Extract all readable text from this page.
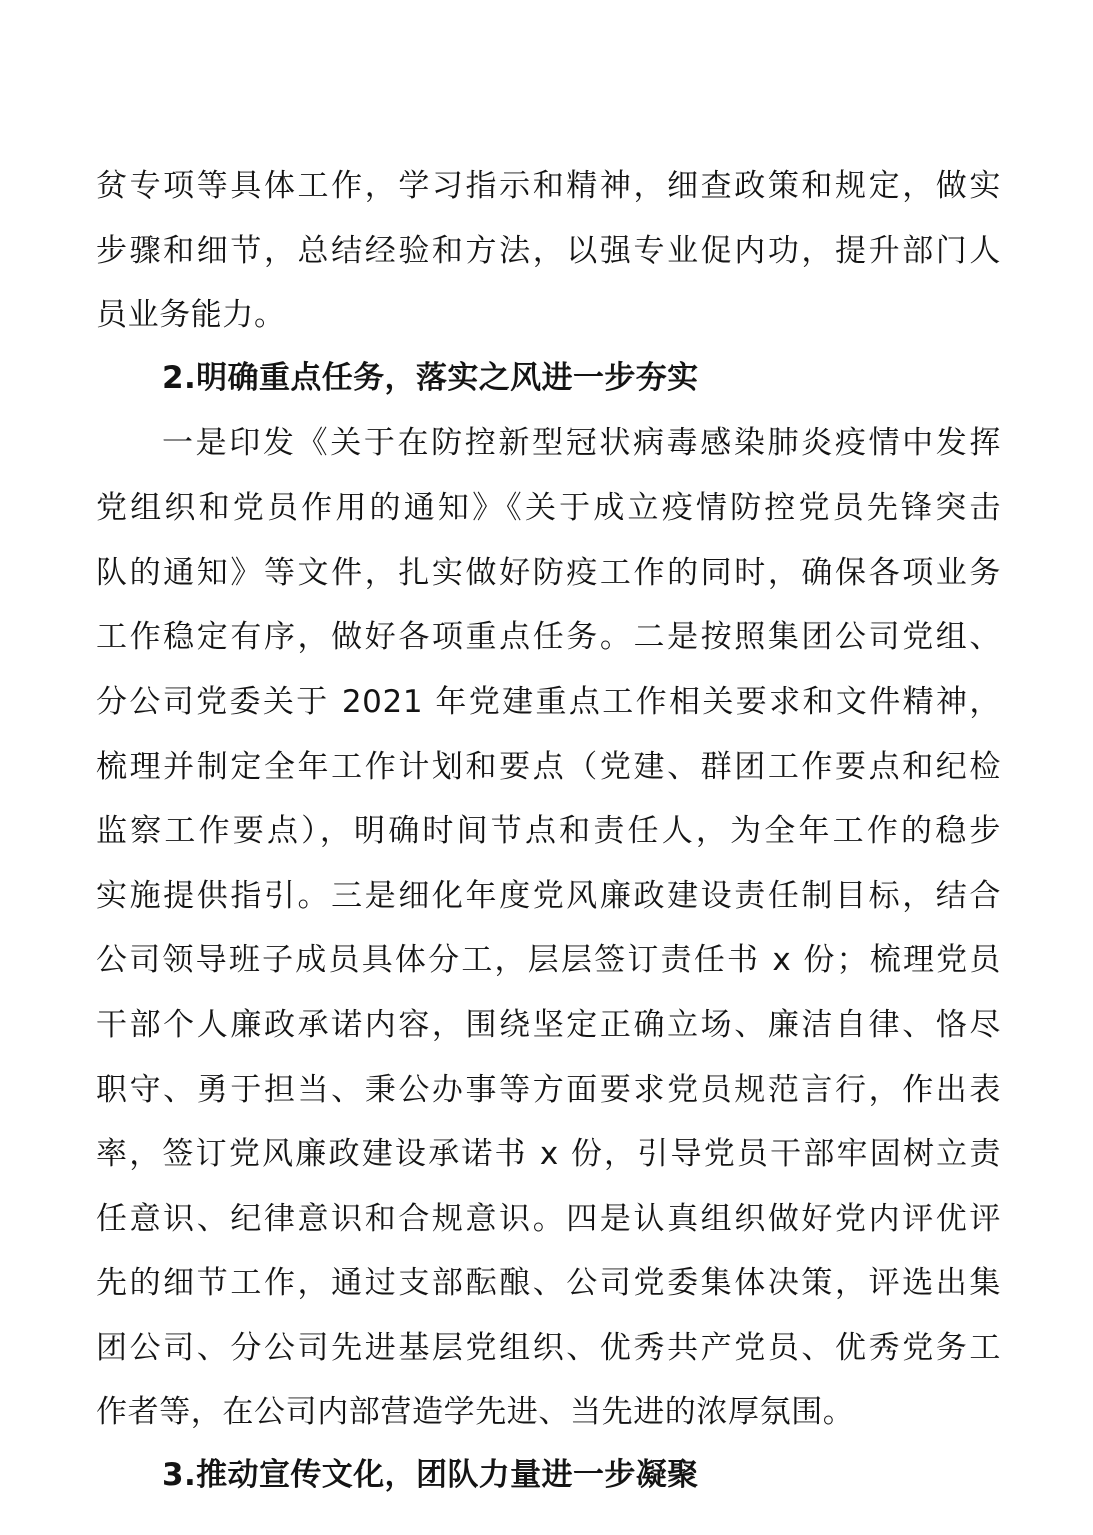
贫专项等具体工作，学习指示和精神，细查政策和规定，做实
步骤和细节，总结经验和方法，以强专业促内功，提升部门人
员业务能力。
2.明确重点任务，落实之风进一步夯实
一是印发《关于在防控新型冠状病毒感染肺炎疫情中发挥
党组织和党员作用的通知》《关于成立疫情防控党员先锋突击
队的通知》等文件，扎实做好防疫工作的同时，确保各项业务
工作稳定有序，做好各项重点任务。二是按照集团公司党组、
分公司党委关于 2021 年党建重点工作相关要求和文件精神，
梳理并制定全年工作计划和要点（党建、群团工作要点和纪检
监察工作要点），明确时间节点和责任人，为全年工作的稳步
实施提供指引。三是细化年度党风廉政建设责任制目标，结合
公司领导班子成员具体分工，层层签订责任书 x 份；梳理党员
干部个人廉政承诺内容，围绕坚定正确立场、廉洁自律、恪尽
职守、勇于担当、秉公办事等方面要求党员规范言行，作出表
率，签订党风廉政建设承诺书 x 份，引导党员干部牢固树立责
任意识、纪律意识和合规意识。四是认真组织做好党内评优评
先的细节工作，通过支部酝酿、公司党委集体决策，评选出集
团公司、分公司先进基层党组织、优秀共产党员、优秀党务工
作者等，在公司内部营造学先进、当先进的浓厚氛围。
3.推动宣传文化，团队力量进一步凝聚
